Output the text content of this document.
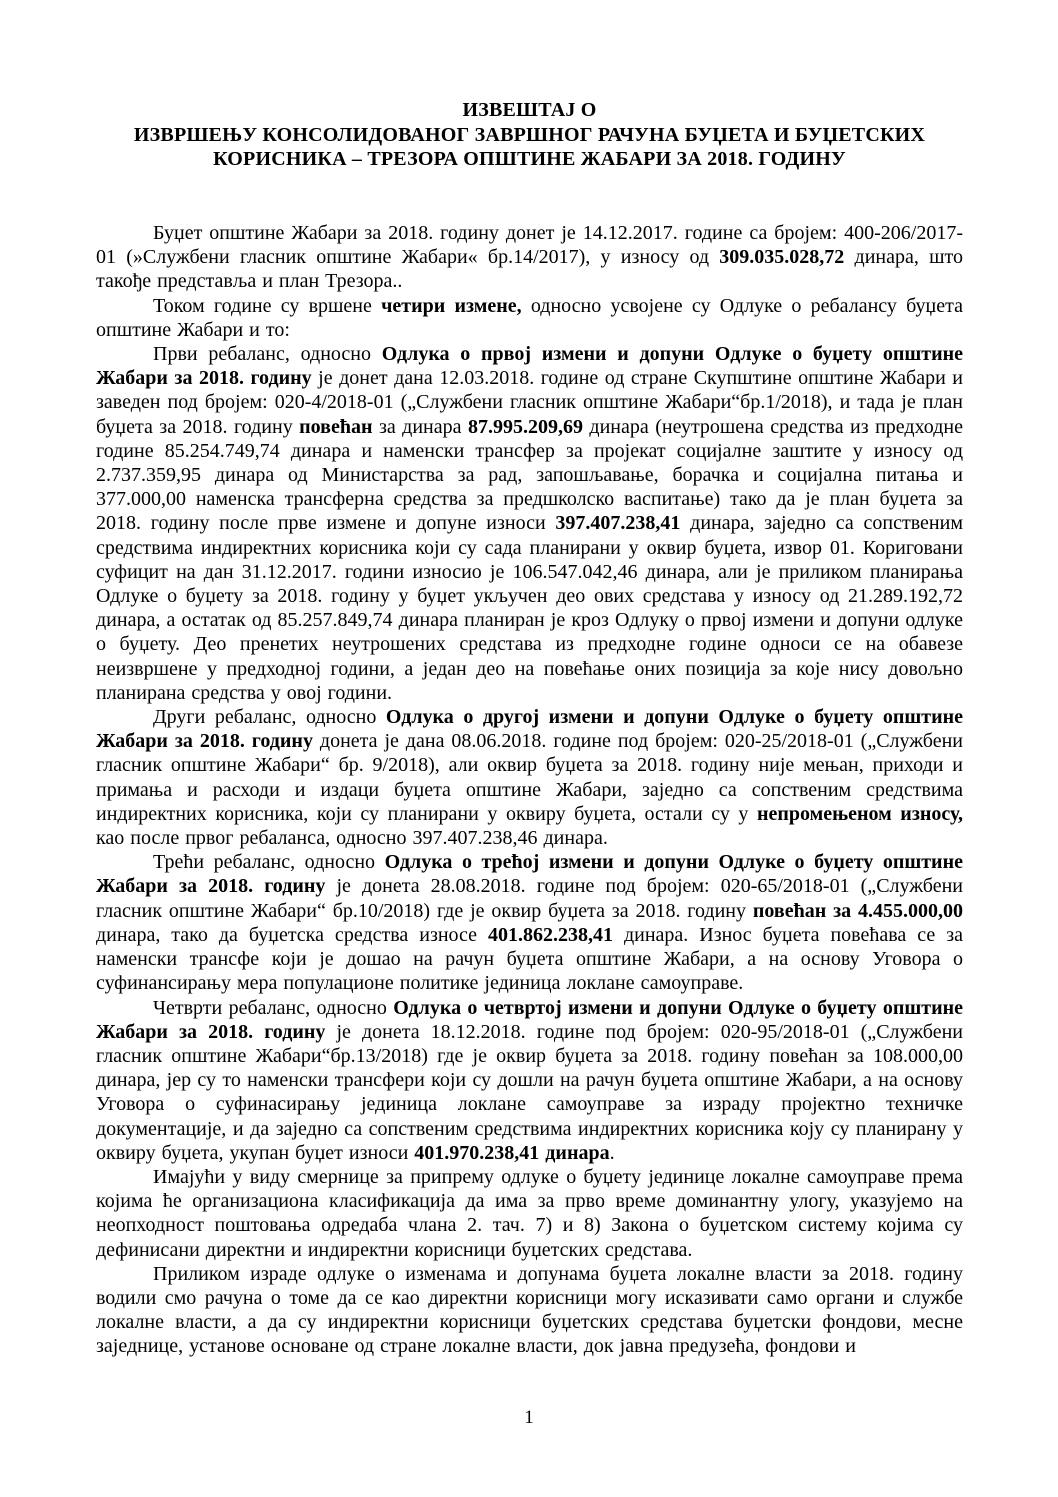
ИЗВЕШТАЈ О
ИЗВРШЕЊУ КОНСОЛИДОВАНОГ ЗАВРШНОГ РАЧУНА БУЏЕТА И БУЏЕТСКИХ
КОРИСНИКА – ТРЕЗОРА ОПШТИНЕ ЖАБАРИ ЗА 2018. ГОДИНУ

Буџет општине Жабари за 2018. годину донет је 14.12.2017. године са бројем: 400-206/2017-01 (»Службени гласник општине Жабари« бр.14/2017), у износу од 309.035.028,72 динара, што такође представља и план Трезора..

Током године су вршене четири измене, односно усвојене су Одлуке о ребалансу буџета општине Жабари и то:

Први ребаланс, односно Одлука о првој измени и допуни Одлуке о буџету општине Жабари за 2018. годину је донет дана 12.03.2018. године од стране Скупштине општине Жабари и заведен под бројем: 020-4/2018-01 („Службени гласник општине Жабари“бр.1/2018), и тада је план буџета за 2018. годину повећан за динара 87.995.209,69 динара (неутрошена средства из предходне године 85.254.749,74 динара и наменски трансфер за пројекат социјалне заштите у износу од 2.737.359,95 динара од Министарства за рад, запошљавање, борачка и социјална питања и 377.000,00 наменска трансферна средства за предшколско васпитање) тако да је план буџета за 2018. годину после прве измене и допуне износи 397.407.238,41 динара, заједно са сопственим средствима индиректних корисника који су сада планирани у оквир буџета, извор 01. Кориговани суфицит на дан 31.12.2017. години износио је 106.547.042,46 динара, али је приликом планирања Одлуке о буџету за 2018. годину у буџет укључен део ових средстава у износу од 21.289.192,72 динара, а остатак од 85.257.849,74 динара планиран је кроз Одлуку о првој измени и допуни одлуке о буџету. Део пренетих неутрошених средстава из предходне године односи се на обавезе неизвршене у предходној години, а један део на повећање оних позиција за које нису довољно планирана средства у овој години.

Други ребаланс, односно Одлука о другој измени и допуни Одлуке о буџету општине Жабари за 2018. годину донета је дана 08.06.2018. године под бројем: 020-25/2018-01 („Службени гласник општине Жабари“ бр. 9/2018), али оквир буџета за 2018. годину није мењан, приходи и примања и расходи и издаци буџета општине Жабари, заједно са сопственим средствима индиректних корисника, који су планирани у оквиру буџета, остали су у непромењеном износу, као после првог ребаланса, односно 397.407.238,46 динара.

Трећи ребаланс, односно Одлука о трећој измени и допуни Одлуке о буџету општине Жабари за 2018. годину је донета 28.08.2018. године под бројем: 020-65/2018-01 („Службени гласник општине Жабари“ бр.10/2018) где је оквир буџета за 2018. годину повећан за 4.455.000,00 динара, тако да буџетска средства износе 401.862.238,41 динара. Износ буџета повећава се за наменски трансфе који је дошао на рачун буџета општине Жабари, а на основу Уговора о суфинансирању мера популационе политике јединица локлане самоуправе.

Четврти ребаланс, односно Одлука о четвртој измени и допуни Одлуке о буџету општине Жабари за 2018. годину је донета 18.12.2018. године под бројем: 020-95/2018-01 („Службени гласник општине Жабари“бр.13/2018) где је оквир буџета за 2018. годину повећан за 108.000,00 динара, јер су то наменски трансфери који су дошли на рачун буџета општине Жабари, а на основу Уговора о суфинасирању јединица локлане самоуправе за израду пројектно техничке документације, и да заједно са сопственим средствима индиректних корисника коју су планирану у оквиру буџета, укупан буџет износи 401.970.238,41 динара.

Имајући у виду смернице за припрему одлуке о буџету јединице локалне самоуправе према којима ће организациона класификација да има за прво време доминантну улогу, указујемо на неопходност поштовања одредаба члана 2. тач. 7) и 8) Закона о буџетском систему којима су дефинисани директни и индиректни корисници буџетских средстава.

Приликом израде одлуке о изменама и допунама буџета локалне власти за 2018. годину водили смо рачуна о томе да се као директни корисници могу исказивати само органи и службе локалне власти, а да су индиректни корисници буџетских средстава буџетски фондови, месне заједнице, установе основане од стране локалне власти, док јавна предузећа, фондови и

1
